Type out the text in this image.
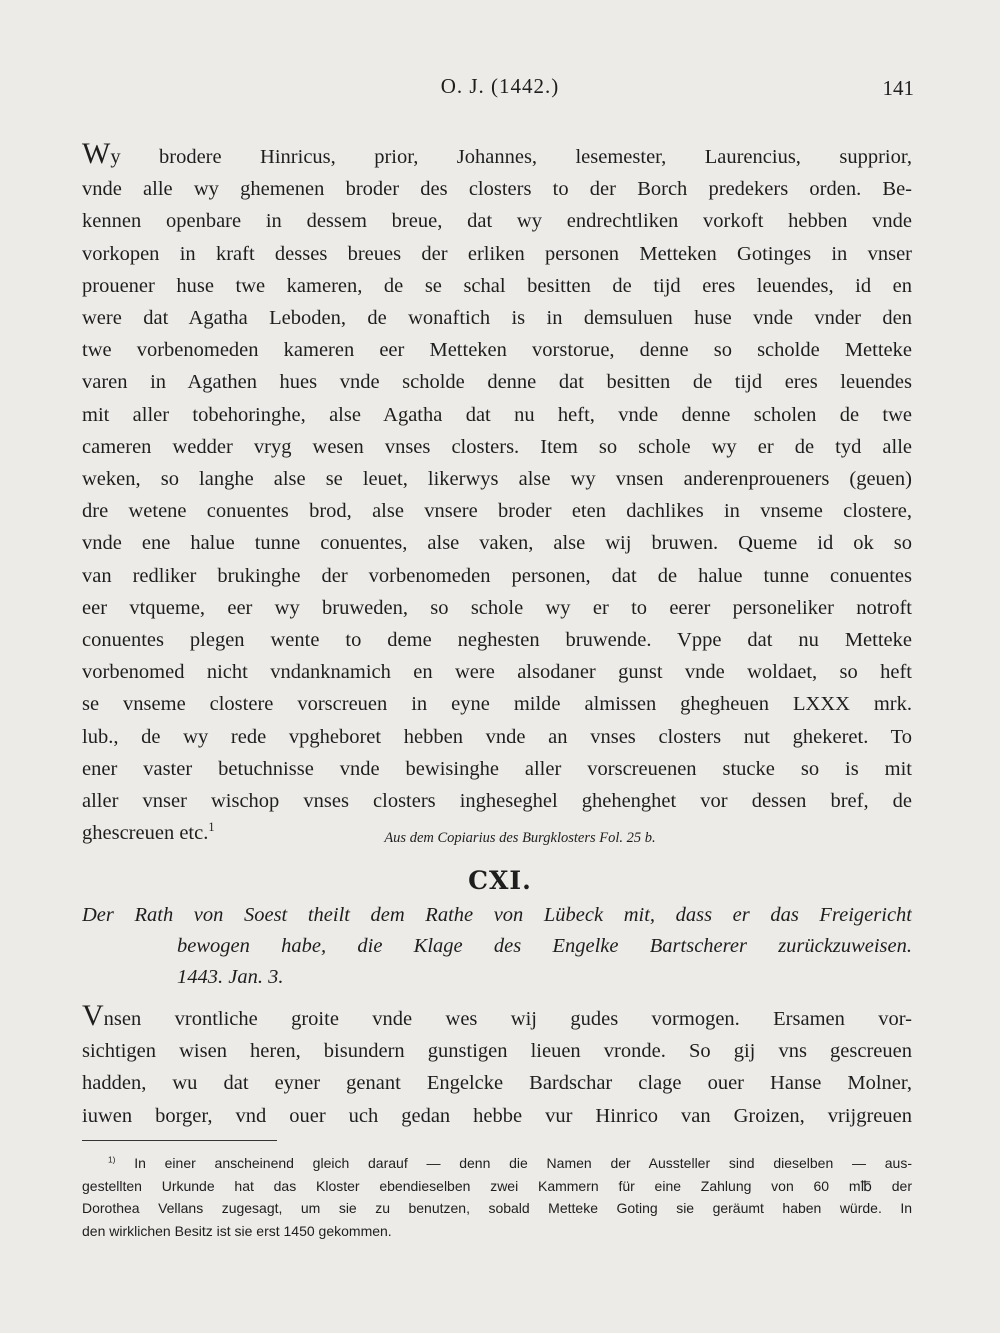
O. J. (1442.)	141
Wy brodere Hinricus, prior, Johannes, lesemester, Laurencius, supprior,
vnde alle wy ghemenen broder des closters to der Borch predekers orden. Be-
kennen openbare in dessem breue, dat wy endrechtliken vorkoft hebben vnde
vorkopen in kraft desses breues der erliken personen Metteken Gotinges in vnser
prouener huse twe kameren, de se schal besitten de tijd eres leuendes, id en
were dat Agatha Leboden, de wonaftich is in demsuluen huse vnde vnder den
twe vorbenomeden kameren eer Metteken vorstorue, denne so scholde Metteke
varen in Agathen hues vnde scholde denne dat besitten de tijd eres leuendes
mit aller tobehoringhe, alse Agatha dat nu heft, vnde denne scholen de twe
cameren wedder vryg wesen vnses closters. Item so schole wy er de tyd alle
weken, so langhe alse se leuet, likerwys alse wy vnsen anderenproueners (geuen)
dre wetene conuentes brod, alse vnsere broder eten dachlikes in vnseme clostere,
vnde ene halue tunne conuentes, alse vaken, alse wij bruwen. Queme id ok so
van redliker brukinghe der vorbenomeden personen, dat de halue tunne conuentes
eer vtqueme, eer wy bruweden, so schole wy er to eerer personeliker notroft
conuentes plegen wente to deme neghesten bruwende. Vppe dat nu Metteke
vorbenomed nicht vndanknamich en were alsodaner gunst vnde woldaet, so heft
se vnseme clostere vorscreuen in eyne milde almissen ghegheuen LXXX mrk.
lub., de wy rede vpgheboret hebben vnde an vnses closters nut ghekeret. To
ener vaster betuchnisse vnde bewisinghe aller vorscreuenen stucke so is mit
aller vnser wischop vnses closters ingheseghel ghehenghet vor dessen bref, de
ghescreuen etc.$^1$
Aus dem Copiarius des Burgklosters Fol. 25 b.
CXI.
Der Rath von Soest theilt dem Rathe von Lübeck mit, dass er das Freigericht
bewogen habe, die Klage des Engelke Bartscherer zurückzuweisen.
1443. Jan. 3.
Vnsen vrontliche groite vnde wes wij gudes vormogen. Ersamen vor-
sichtigen wisen heren, bisundern gunstigen lieuen vronde. So gij vns gescreuen
hadden, wu dat eyner genant Engelcke Bardschar clage ouer Hanse Molner,
iuwen borger, vnd ouer uch gedan hebbe vur Hinrico van Groizen, vrijgreuen
$^{1)}$ In einer anscheinend gleich darauf — denn die Namen der Aussteller sind dieselben — aus-
gestellten Urkunde hat das Kloster ebendieselben zwei Kammern für eine Zahlung von 60 m℔ der
Dorothea Vellans zugesagt, um sie zu benutzen, sobald Metteke Goting sie geräumt haben würde. In
den wirklichen Besitz ist sie erst 1450 gekommen.
